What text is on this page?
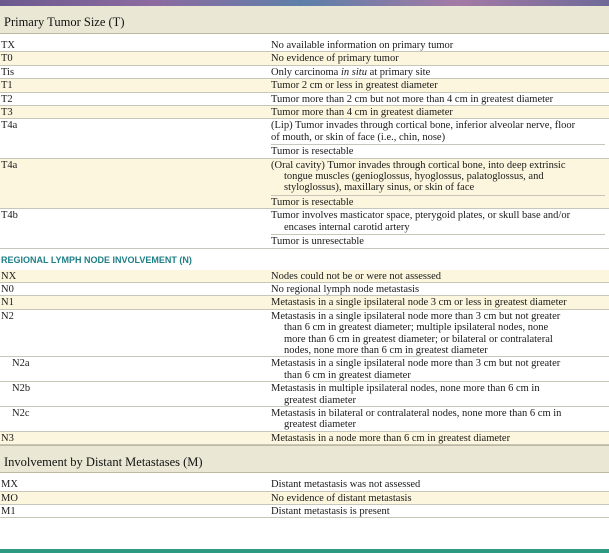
Primary Tumor Size (T)
TX	No available information on primary tumor
T0	No evidence of primary tumor
Tis	Only carcinoma in situ at primary site
T1	Tumor 2 cm or less in greatest diameter
T2	Tumor more than 2 cm but not more than 4 cm in greatest diameter
T3	Tumor more than 4 cm in greatest diameter
T4a	(Lip) Tumor invades through cortical bone, inferior alveolar nerve, floor
of mouth, or skin of face (i.e., chin, nose)
Tumor is resectable
T4a	(Oral cavity) Tumor invades through cortical bone, into deep extrinsic
tongue muscles (genioglossus, hyoglossus, palatoglossus, and
styloglossus), maxillary sinus, or skin of face
Tumor is resectable
T4b	Tumor involves masticator space, pterygoid plates, or skull base and/or
encases internal carotid artery
Tumor is unresectable
REGIONAL LYMPH NODE INVOLVEMENT (N)
NX	Nodes could not be or were not assessed
N0	No regional lymph node metastasis
N1	Metastasis in a single ipsilateral node 3 cm or less in greatest diameter
N2	Metastasis in a single ipsilateral node more than 3 cm but not greater
than 6 cm in greatest diameter; multiple ipsilateral nodes, none
more than 6 cm in greatest diameter; or bilateral or contralateral
nodes, none more than 6 cm in greatest diameter
N2a	Metastasis in a single ipsilateral node more than 3 cm but not greater
than 6 cm in greatest diameter
N2b	Metastasis in multiple ipsilateral nodes, none more than 6 cm in
greatest diameter
N2c	Metastasis in bilateral or contralateral nodes, none more than 6 cm in
greatest diameter
N3	Metastasis in a node more than 6 cm in greatest diameter
Involvement by Distant Metastases (M)
MX	Distant metastasis was not assessed
MO	No evidence of distant metastasis
M1	Distant metastasis is present
